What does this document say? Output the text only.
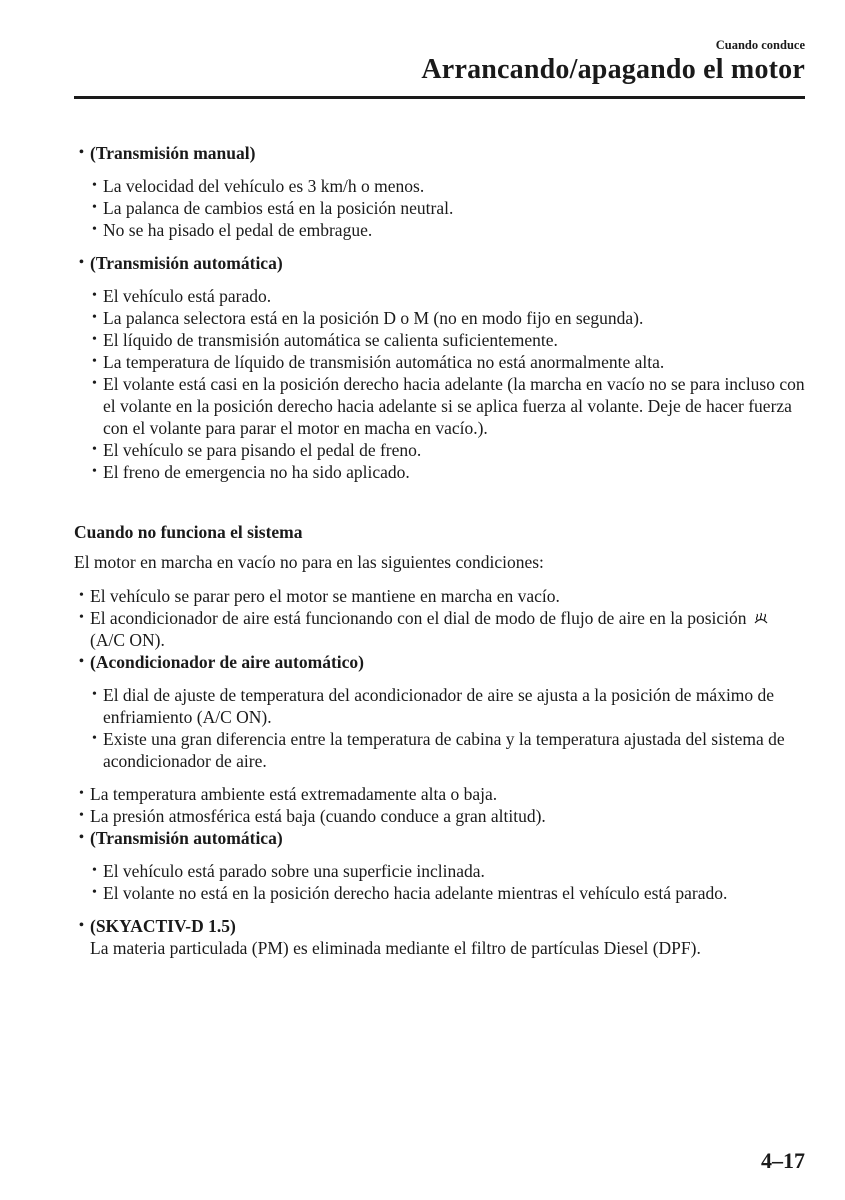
Cuando conduce
Arrancando/apagando el motor
• (Transmisión manual)
• La velocidad del vehículo es 3 km/h o menos.
• La palanca de cambios está en la posición neutral.
• No se ha pisado el pedal de embrague.
• (Transmisión automática)
• El vehículo está parado.
• La palanca selectora está en la posición D o M (no en modo fijo en segunda).
• El líquido de transmisión automática se calienta suficientemente.
• La temperatura de líquido de transmisión automática no está anormalmente alta.
• El volante está casi en la posición derecho hacia adelante (la marcha en vacío no se para incluso con el volante en la posición derecho hacia adelante si se aplica fuerza al volante. Deje de hacer fuerza con el volante para parar el motor en macha en vacío.).
• El vehículo se para pisando el pedal de freno.
• El freno de emergencia no ha sido aplicado.
Cuando no funciona el sistema
El motor en marcha en vacío no para en las siguientes condiciones:
• El vehículo se parar pero el motor se mantiene en marcha en vacío.
• El acondicionador de aire está funcionando con el dial de modo de flujo de aire en la posición  (A/C ON).
• (Acondicionador de aire automático)
• El dial de ajuste de temperatura del acondicionador de aire se ajusta a la posición de máximo de enfriamiento (A/C ON).
• Existe una gran diferencia entre la temperatura de cabina y la temperatura ajustada del sistema de acondicionador de aire.
• La temperatura ambiente está extremadamente alta o baja.
• La presión atmosférica está baja (cuando conduce a gran altitud).
• (Transmisión automática)
• El vehículo está parado sobre una superficie inclinada.
• El volante no está en la posición derecho hacia adelante mientras el vehículo está parado.
• (SKYACTIV-D 1.5)
La materia particulada (PM) es eliminada mediante el filtro de partículas Diesel (DPF).
4–17
